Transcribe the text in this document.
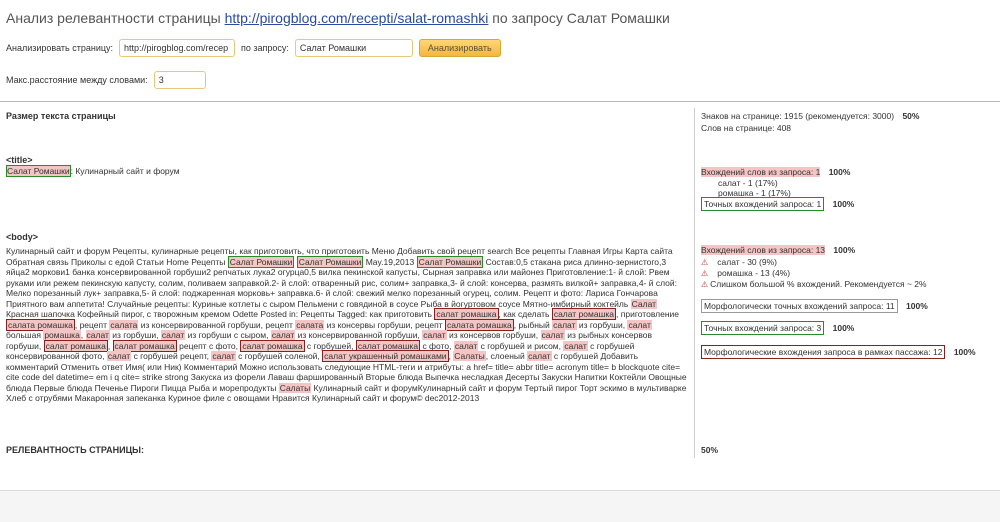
Анализ релевантности страницы http://pirogblog.com/recepti/salat-romashki по запросу Салат Ромашки
Анализировать страницу:
http://pirogblog.com/recep	по запросу:
Салат Ромашки	Анализировать
Макс.расстояние между словами:
3
Размер текста страницы	Знаков на странице: 1915 (рекомендуется: 3000) 50%
Слов на странице: 408
<title>
Салат Ромашки: Кулинарный сайт и форум	Вхождений слов из запроса: 1 100%
салат - 1 (17%)
ромашка - 1 (17%)
Точных вхождений запроса: 1 100%
<body>
Кулинарный сайт и форум Рецепты, кулинарные рецепты, как приготовить, что приготовить Меню Добавить свой рецепт search Все рецепты Главная Игры Карта сайта Обратная связь Приколы с едой Статьи Home Рецепты Салат Ромашки Салат Ромашки May.19,2013 Салат Ромашки Состав:0,5 стакана риса длинно-зернистого,3 яйца2 моркови1 банка консервированной горбуши2 репчатых лука2 огурца0,5 вилка пекинской капусты, Сырная заправка или майонез Приготовление:1- й слой: Рвем руками или режем пекинскую капусту, солим, поливаем заправкой.2- й слой: отваренный рис, солим+ заправка,3- й слой: консерва, размять вилкой+ заправка,4- й слой: Мелко порезанный лук+ заправка,5- й слой: поджаренная морковь+ заправка.6- й слой: свежий мелко порезанный огурец, солим. Рецепт и фото: Лариса Гончарова Приятного вам аппетита! Случайные рецепты: Куриные котлеты с сыром Пельмени с говядиной в соусе Рыба в йогуртовом соусе Мятно-имбирный коктейль Салат Красная шапочка Кофейный пирог, с творожным кремом Odette Posted in: Рецепты Tagged: как приготовить салат ромашка , как сделать салат ромашка , приготовление салата ромашка , рецепт салата из консервированной горбуши, рецепт салата из консервы горбуши, рецепт салата ромашка , рыбный салат из горбуши, салат большая ромашка, салат из горбуши, салат из горбуши с сыром, салат из консервированной горбуши, салат из консервов горбуши, салат из рыбных консервов горбуши, салат ромашка , салат ромашка рецепт с фото, салат ромашка с горбушей, салат ромашка с фото, салат с горбушей и рисом, салат с горбушей консервированной фото, салат с горбушей рецепт, салат с горбушей соленой, салат украшенный ромашками , Салаты, слоеный салат с горбушей Добавить комментарий Отменить ответ Имя( или Ник) Комментарий Можно использовать следующие HTML-теги и атрибуты: a href= title= abbr title= acronym title= b blockquote cite= cite code del datetime= em i q cite= strike strong Закуска из форели Лаваш фаршированный Вторые блюда Выпечка несладкая Десерты Закуски Напитки Коктейли Овощные блюда Первые блюда Печенье Пироги Пицца Рыба и морепродукты Салаты Кулинарный сайт и форумКулинарный сайт и форум Тертый пирог Торт эскимо в мультиварке Хлеб с отрубями Макаронная запеканка Куриное филе с овощами Нравится Кулинарный сайт и форум© dec2012-2013
Вхождений слов из запроса: 13 100%
⚠ салат - 30 (9%)
⚠ ромашка - 13 (4%)
⚠ Слишком большой % вхождений. Рекомендуется ~ 2%
Морфологически точных вхождений запроса: 11 100%
Точных вхождений запроса: 3 100%
Морфологические вхождения запроса в рамках пассажа: 12 100%
РЕЛЕВАНТНОСТЬ СТРАНИЦЫ:	50%
